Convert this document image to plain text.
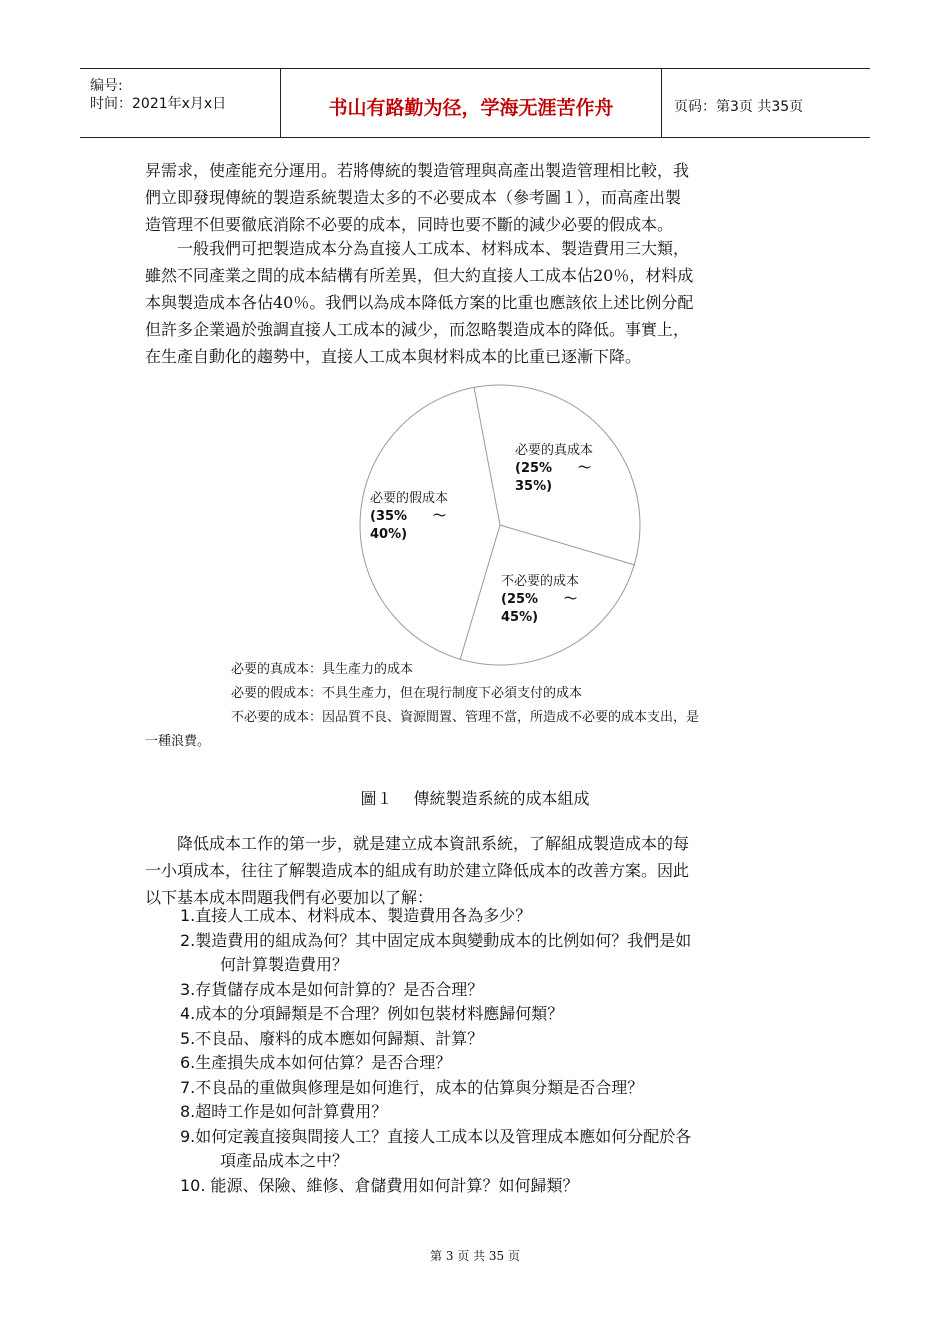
编号:
时间：2021年x月x日	书山有路勤为径，学海无涯苦作舟	页码：第3页 共35页

昇需求，使產能充分運用。若將傳統的製造管理與高產出製造管理相比較，我

們立即發現傳統的製造系統製造太多的不必要成本（參考圖１），而高產出製

造管理不但要徹底消除不必要的成本，同時也要不斷的減少必要的假成本。

　　一般我們可把製造成本分為直接人工成本、材料成本、製造費用三大類，

雖然不同產業之間的成本結構有所差異，但大約直接人工成本佔20％，材料成

本與製造成本各佔40％。我們以為成本降低方案的比重也應該依上述比例分配

但許多企業過於強調直接人工成本的減少，而忽略製造成本的降低。事實上，

在生產自動化的趨勢中，直接人工成本與材料成本的比重已逐漸下降。

必要的真成本
(25%　　～
35%)
不必要的成本
(25%　　～
45%)
必要的假成本
(35%　　～
40%)
必要的真成本：具生產力的成本
必要的假成本：不具生產力，但在現行制度下必須支付的成本
不必要的成本：因品質不良、資源閒置、管理不當，所造成不必要的成本支出，是
一種浪費。
圖１　 傳統製造系統的成本組成

　　降低成本工作的第一步，就是建立成本資訊系統，了解組成製造成本的每

一小項成本，往往了解製造成本的組成有助於建立降低成本的改善方案。因此

以下基本成本問題我們有必要加以了解：

1.直接人工成本、材料成本、製造費用各為多少？
2.製造費用的組成為何？其中固定成本與變動成本的比例如何？我們是如
何計算製造費用？
3.存貨儲存成本是如何計算的？是否合理？
4.成本的分項歸類是不合理？例如包裝材料應歸何類？
5.不良品、廢料的成本應如何歸類、計算？
6.生產損失成本如何估算？是否合理？
7.不良品的重做與修理是如何進行，成本的估算與分類是否合理？
8.超時工作是如何計算費用？
9.如何定義直接與間接人工？直接人工成本以及管理成本應如何分配於各
項產品成本之中？
10. 能源、保險、維修、倉儲費用如何計算？如何歸類？
第 3 页 共 35 页
